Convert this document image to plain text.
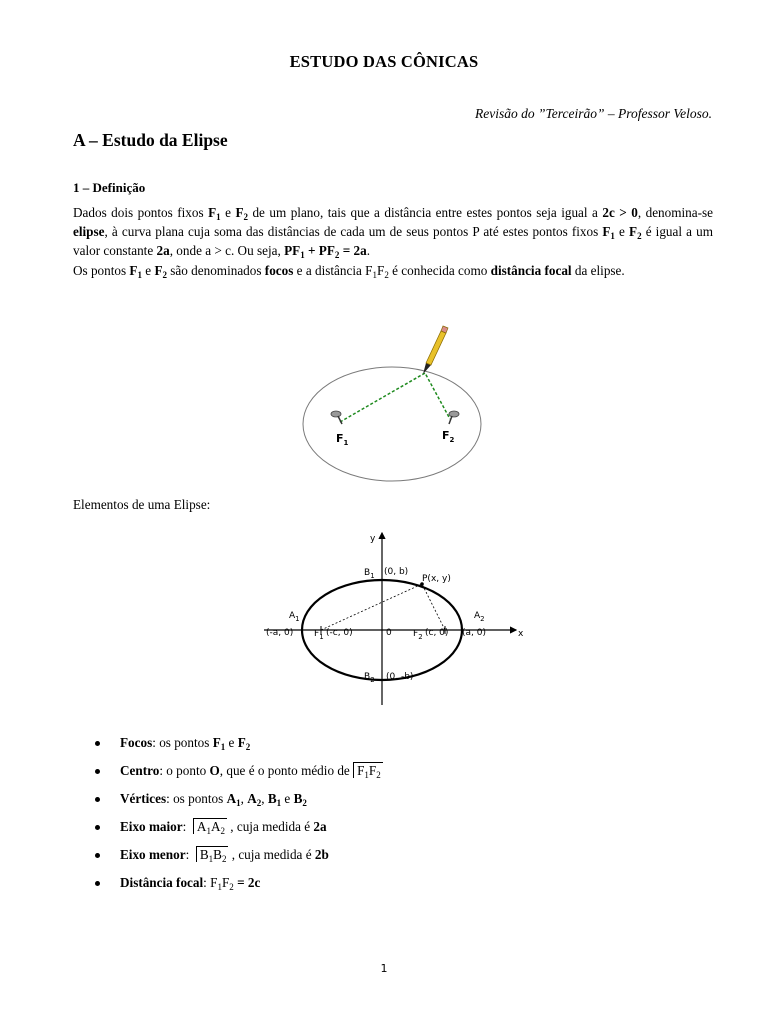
ESTUDO DAS CÔNICAS
Revisão do ”Terceirão” – Professor Veloso.
A – Estudo da Elipse
1 – Definição

Dados dois pontos fixos $F_1$ e $F_2$ de um plano, tais que a distância entre estes pontos seja igual a 2c > 0, denomina-se elipse, à curva plana cuja soma das distâncias de cada um de seus pontos P até estes pontos fixos $F_1$ e $F_2$ é igual a um valor constante 2a, onde a > c. Ou seja, $PF_1 + PF_2 = 2a$.

Os pontos $F_1$ e $F_2$ são denominados focos e a distância $F_1F_2$ é conhecida como distância focal da elipse.

$F_1$
$F_2$
Elementos de uma Elipse:
x
y
0
$B_1$ (0, b)
P(x, y)
$A_1$
(-a, 0)
$A_2$
(a, 0)
$F_1$ (-c, 0)	$F_2$ (c, 0)
$B_2$ (0, -b)
Focos: os pontos $F_1$ e $F_2$
Centro: o ponto O, que é o ponto médio de $F_1F_2$
Vértices: os pontos $A_1$, $A_2$, $B_1$ e $B_2$
Eixo maior: $A_1A_2$ , cuja medida é 2a
Eixo menor: $B_1B_2$ , cuja medida é 2b
Distância focal: $F_1F_2 = 2c$
1
